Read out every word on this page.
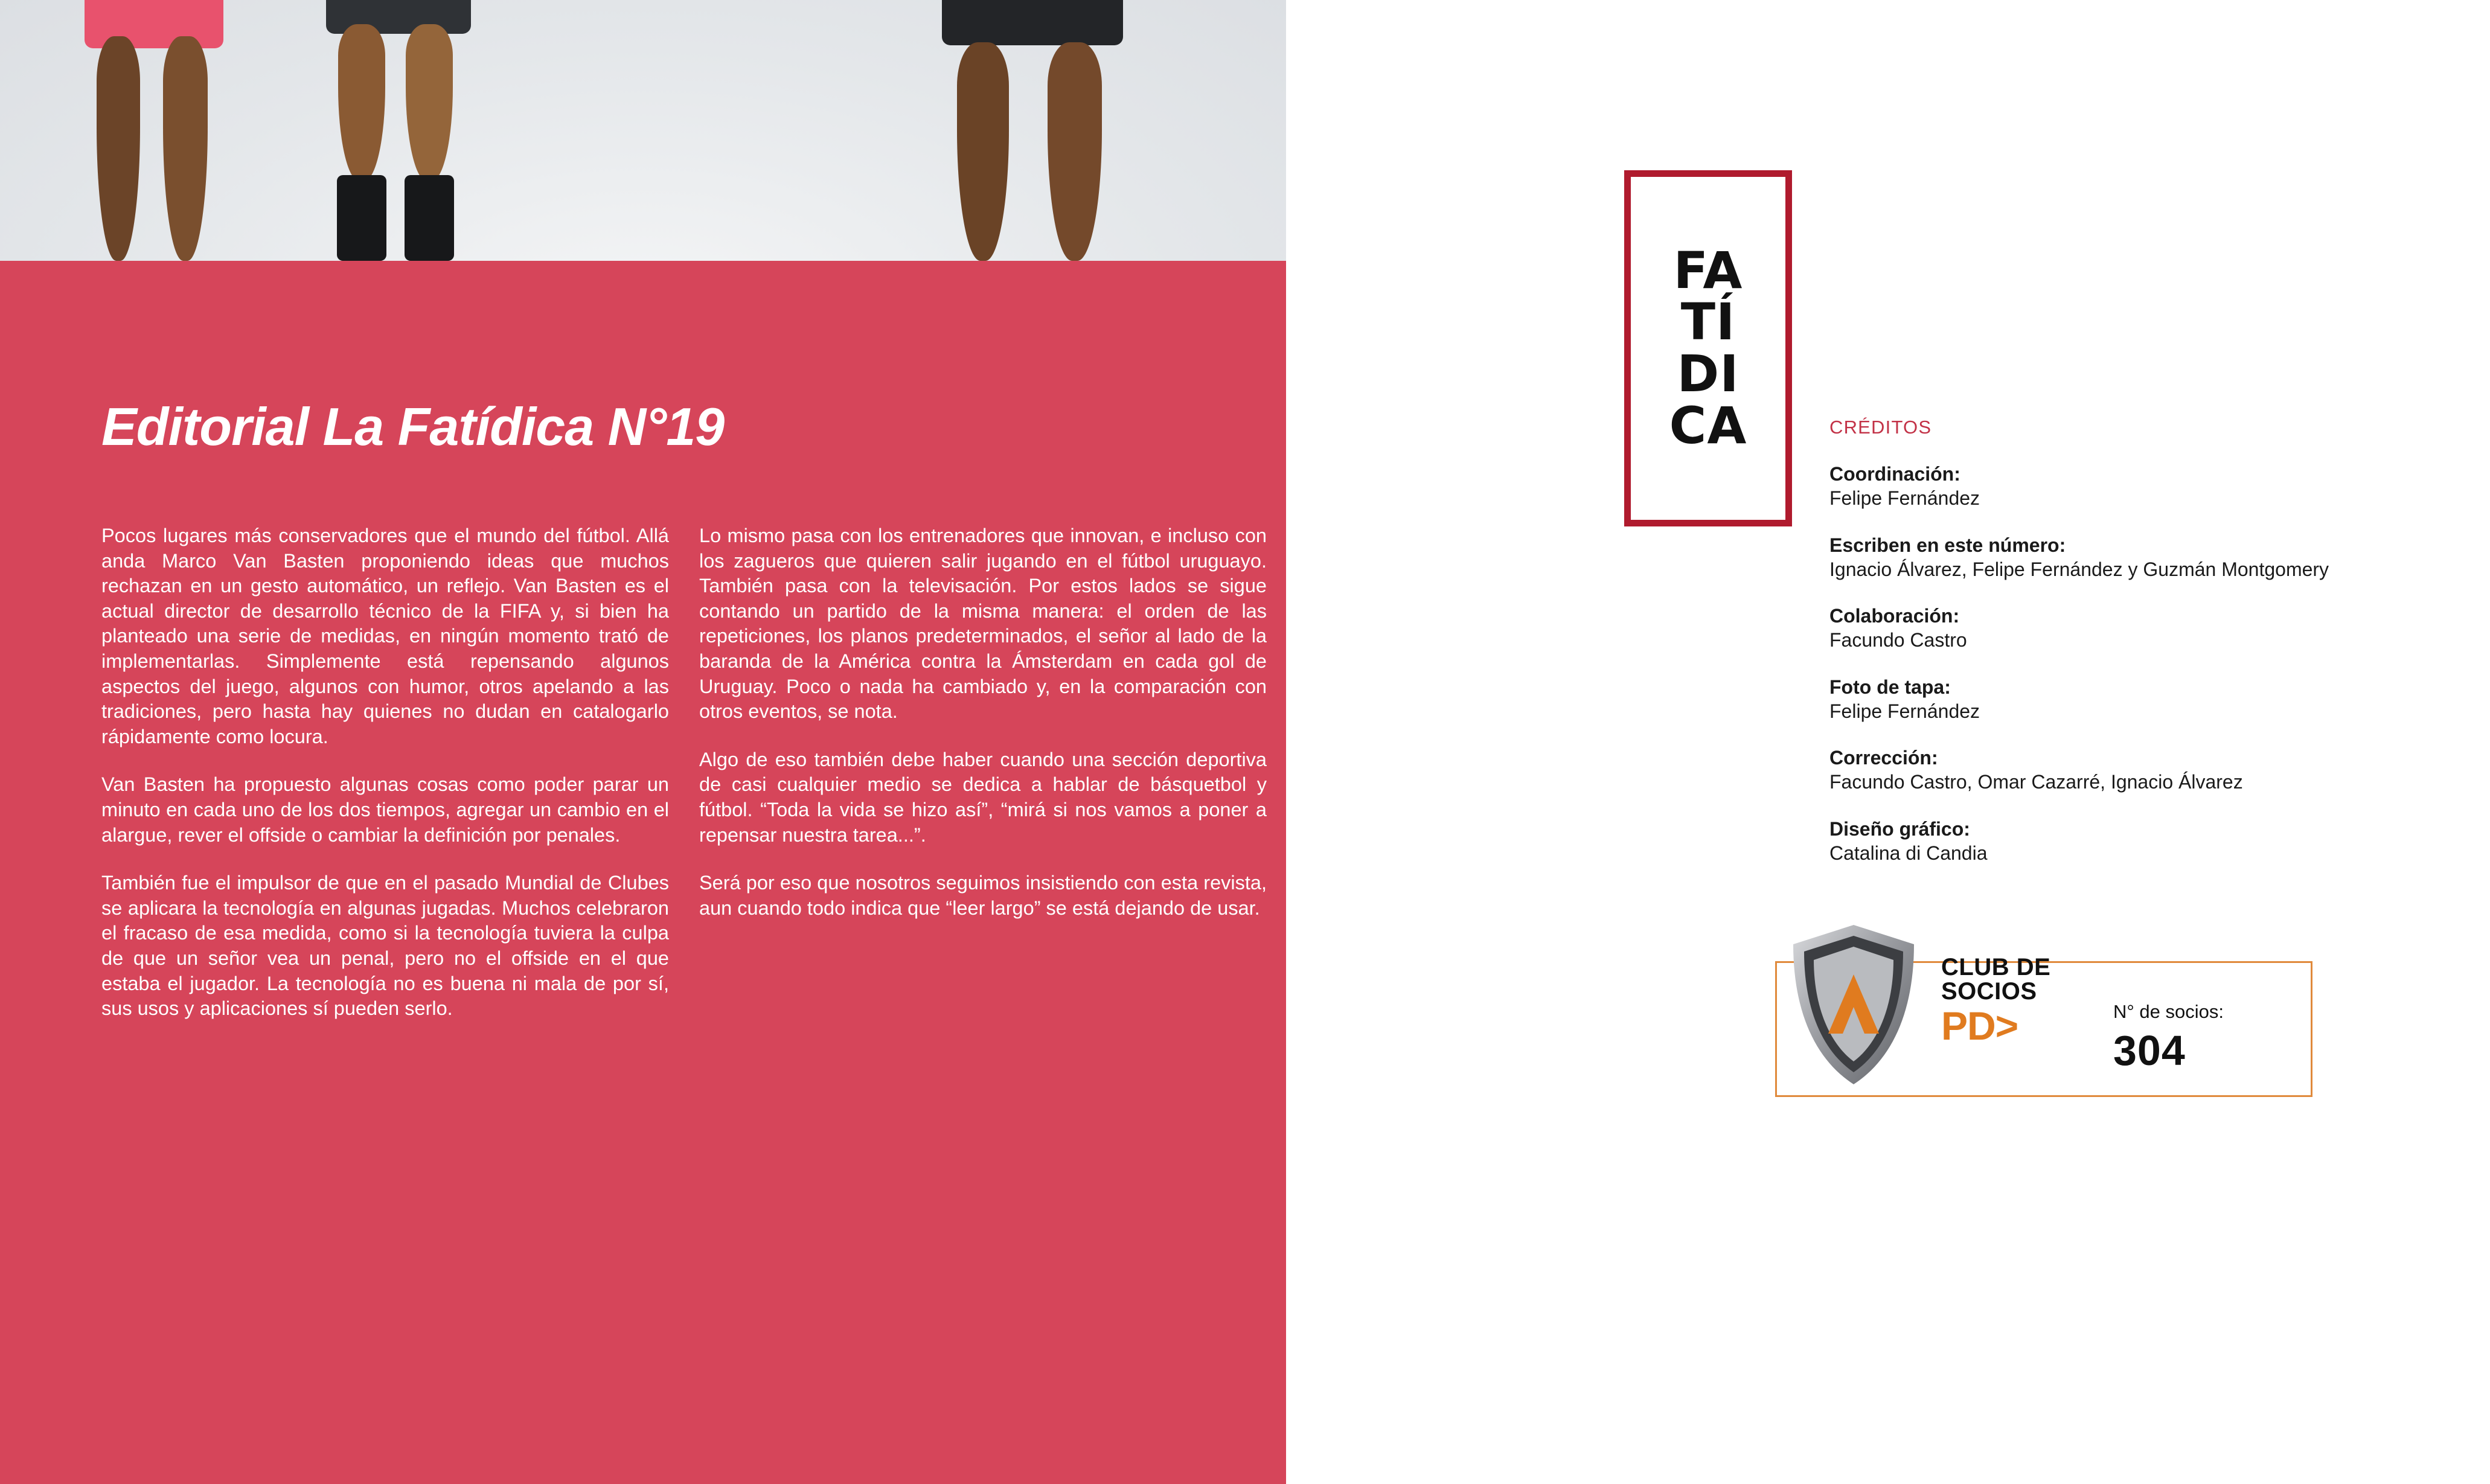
Editorial La Fatídica N°19

Pocos lugares más conservadores que el mundo del fútbol. Allá anda Marco Van Basten proponiendo ideas que muchos rechazan en un gesto automático, un reflejo. Van Basten es el actual director de desarrollo técnico de la FIFA y, si bien ha planteado una serie de medidas, en ningún momento trató de implementarlas. Simplemente está repensando algunos aspectos del juego, algunos con humor, otros apelando a las tradiciones, pero hasta hay quienes no dudan en catalogarlo rápidamente como locura.

Van Basten ha propuesto algunas cosas como poder parar un minuto en cada uno de los dos tiempos, agregar un cambio en el alargue, rever el offside o cambiar la definición por penales.

También fue el impulsor de que en el pasado Mundial de Clubes se aplicara la tecnología en algunas jugadas. Muchos celebraron el fracaso de esa medida, como si la tecnología tuviera la culpa de que un señor vea un penal, pero no el offside en el que estaba el jugador. La tecnología no es buena ni mala de por sí, sus usos y aplicaciones sí pueden serlo.

Lo mismo pasa con los entrenadores que innovan, e incluso con los zagueros que quieren salir jugando en el fútbol uruguayo. También pasa con la televisación. Por estos lados se sigue contando un partido de la misma manera: el orden de las repeticiones, los planos predeterminados, el señor al lado de la baranda de la América contra la Ámsterdam en cada gol de Uruguay. Poco o nada ha cambiado y, en la comparación con otros eventos, se nota.

Algo de eso también debe haber cuando una sección deportiva de casi cualquier medio se dedica a hablar de básquetbol y fútbol. “Toda la vida se hizo así”, “mirá si nos vamos a poner a repensar nuestra tarea...”.

Será por eso que nosotros seguimos insistiendo con esta revista, aun cuando todo indica que “leer largo” se está dejando de usar.

FA
TÍ
DI
CA	CRÉDITOS
Coordinación:
Felipe Fernández
Escriben en este número:
Ignacio Álvarez, Felipe Fernández y Guzmán Montgomery
Colaboración:
Facundo Castro
Foto de tapa:
Felipe Fernández
Corrección:
Facundo Castro, Omar Cazarré, Ignacio Álvarez
Diseño gráfico:
Catalina di Candia
CLUB DE
SOCIOS
PD>	N° de socios:
304
